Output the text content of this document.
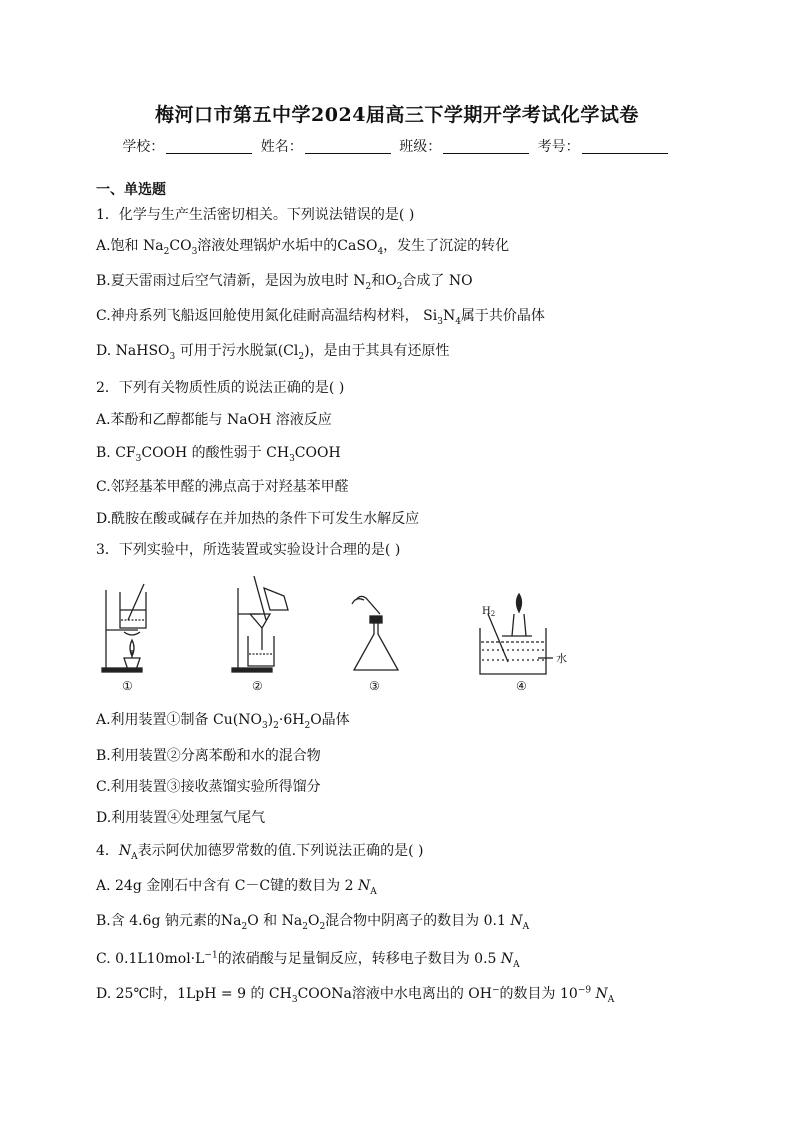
梅河口市第五中学2024届高三下学期开学考试化学试卷
学校：	姓名：	班级：	考号：
一、单选题
1．化学与生产生活密切相关。下列说法错误的是( )
A.饱和 $Na_2CO_3$溶液处理锅炉水垢中的CaSO$_4$，发生了沉淀的转化
B.夏天雷雨过后空气清新，是因为放电时 $N_2$和$O_2$合成了 NO
C.神舟系列飞船返回舱使用氮化硅耐高温结构材料， $Si_3N_4$属于共价晶体
D. NaHSO$_3$ 可用于污水脱氯$(Cl_2)$，是由于其具有还原性
2．下列有关物质性质的说法正确的是( )
A.苯酚和乙醇都能与 NaOH 溶液反应
B. $CF_3COOH$ 的酸性弱于 $CH_3COOH$
C.邻羟基苯甲醛的沸点高于对羟基苯甲醛
D.酰胺在酸或碱存在并加热的条件下可发生水解反应
3．下列实验中，所选装置或实验设计合理的是( )
①	②	③	④
$H_2$
水
A.利用装置①制备 $Cu(NO_3)_2\cdot 6H_2O$晶体
B.利用装置②分离苯酚和水的混合物
C.利用装置③接收蒸馏实验所得馏分
D.利用装置④处理氢气尾气
4．$N_A$表示阿伏加德罗常数的值.下列说法正确的是( )
A. 24g 金刚石中含有 C－C键的数目为 2 $N_A$
B.含 4.6g 钠元素的$Na_2O$ 和 $Na_2O_2$混合物中阴离子的数目为 0.1 $N_A$
C. $0.1L10mol\cdot L^{-1}$的浓硝酸与足量铜反应，转移电子数目为 0.5 $N_A$
D. 25℃时，1LpH = 9 的 $CH_3COONa$溶液中水电离出的 OH−的数目为 $10^{-9}$ $N_A$
